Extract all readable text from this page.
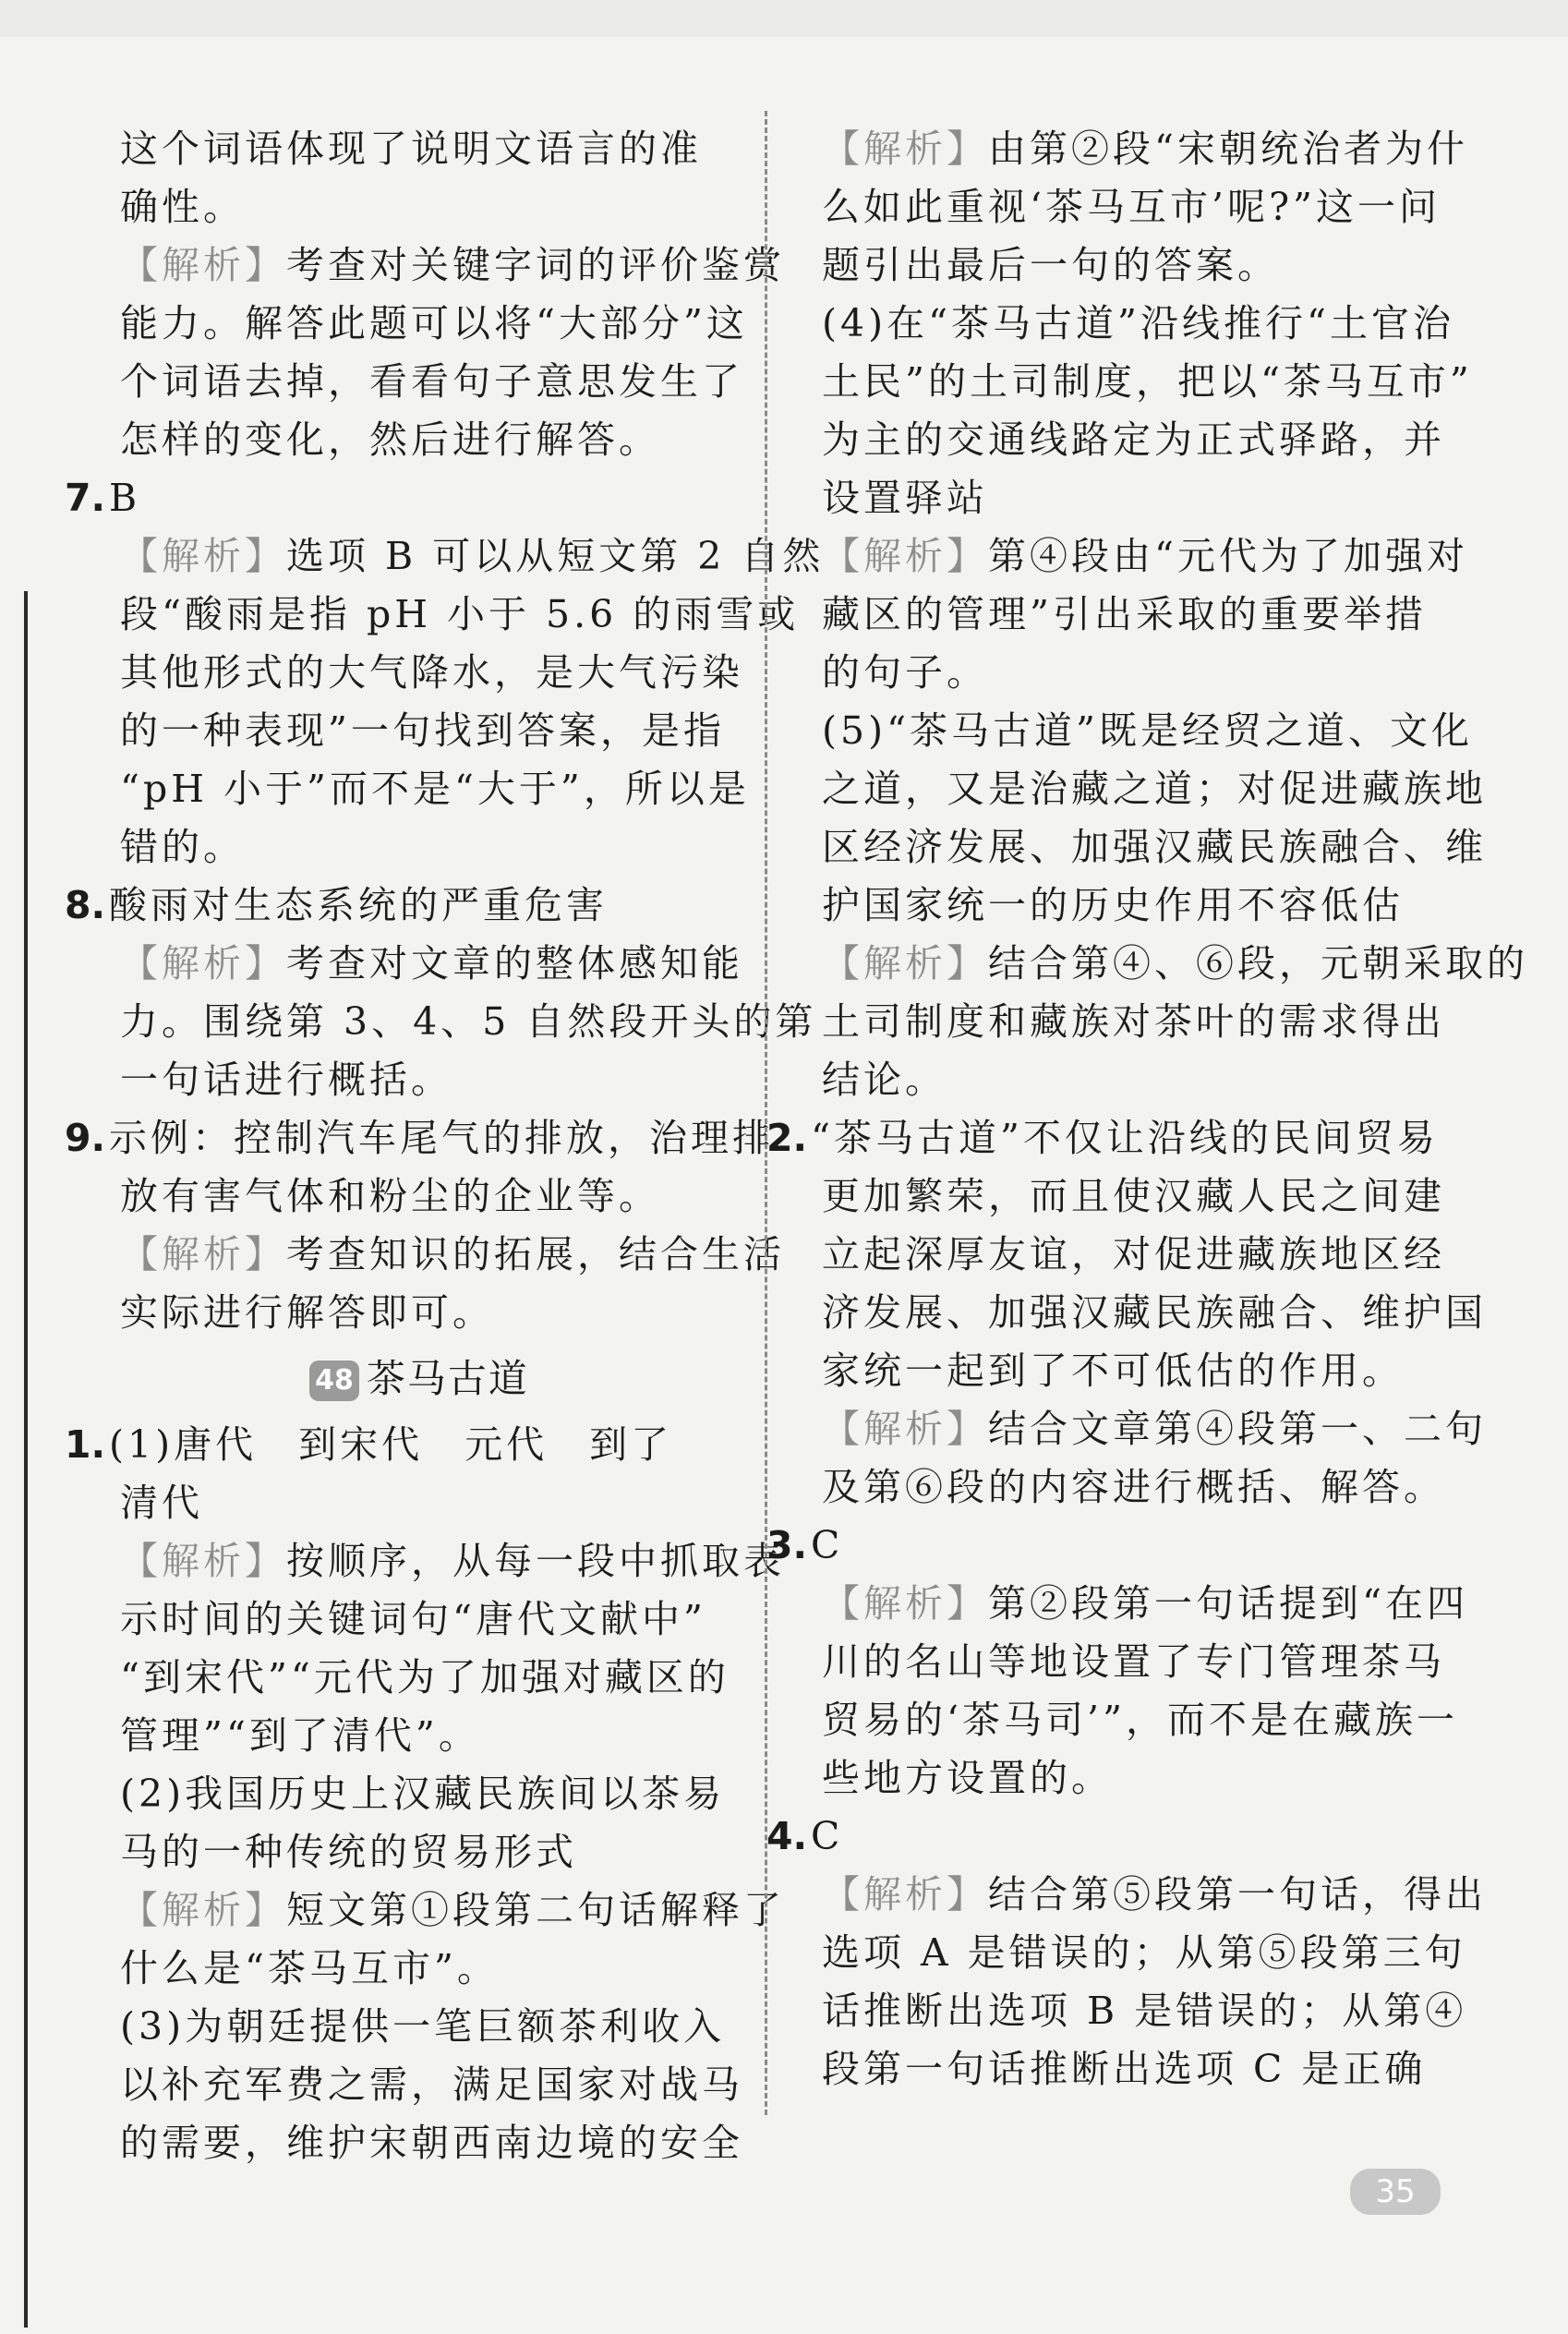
这个词语体现了说明文语言的准
确性。
【解析】考查对关键字词的评价鉴赏
能力。解答此题可以将“大部分”这
个词语去掉，看看句子意思发生了
怎样的变化，然后进行解答。
7.B
【解析】选项 B 可以从短文第 2 自然
段“酸雨是指 pH 小于 5.6 的雨雪或
其他形式的大气降水，是大气污染
的一种表现”一句找到答案，是指
“pH 小于”而不是“大于”，所以是
错的。
8.酸雨对生态系统的严重危害
【解析】考查对文章的整体感知能
力。围绕第 3、4、5 自然段开头的第
一句话进行概括。
9.示例：控制汽车尾气的排放，治理排
放有害气体和粉尘的企业等。
【解析】考查知识的拓展，结合生活
实际进行解答即可。
48 茶马古道
1.(1)唐代　到宋代　元代　到了
清代
【解析】按顺序，从每一段中抓取表
示时间的关键词句“唐代文献中”
“到宋代”“元代为了加强对藏区的
管理”“到了清代”。
(2)我国历史上汉藏民族间以茶易
马的一种传统的贸易形式
【解析】短文第①段第二句话解释了
什么是“茶马互市”。
(3)为朝廷提供一笔巨额茶利收入
以补充军费之需，满足国家对战马
的需要，维护宋朝西南边境的安全
【解析】由第②段“宋朝统治者为什
么如此重视‘茶马互市’呢?”这一问
题引出最后一句的答案。
(4)在“茶马古道”沿线推行“土官治
土民”的土司制度，把以“茶马互市”
为主的交通线路定为正式驿路，并
设置驿站
【解析】第④段由“元代为了加强对
藏区的管理”引出采取的重要举措
的句子。
(5)“茶马古道”既是经贸之道、文化
之道，又是治藏之道；对促进藏族地
区经济发展、加强汉藏民族融合、维
护国家统一的历史作用不容低估
【解析】结合第④、⑥段，元朝采取的
土司制度和藏族对茶叶的需求得出
结论。
2.“茶马古道”不仅让沿线的民间贸易
更加繁荣，而且使汉藏人民之间建
立起深厚友谊，对促进藏族地区经
济发展、加强汉藏民族融合、维护国
家统一起到了不可低估的作用。
【解析】结合文章第④段第一、二句
及第⑥段的内容进行概括、解答。
3.C
【解析】第②段第一句话提到“在四
川的名山等地设置了专门管理茶马
贸易的‘茶马司’”，而不是在藏族一
些地方设置的。
4.C
【解析】结合第⑤段第一句话，得出
选项 A 是错误的；从第⑤段第三句
话推断出选项 B 是错误的；从第④
段第一句话推断出选项 C 是正确
35
